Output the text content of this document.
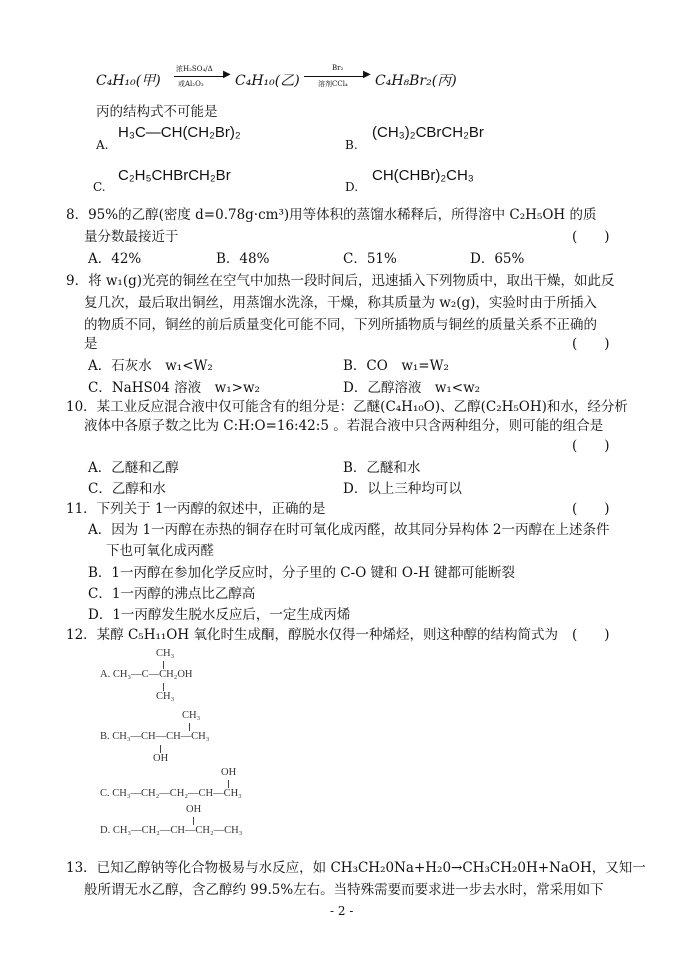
C₄H₁₀(甲)
浓H₂SO₄/Δ ▶
或Al₂O₃ C₄H₁₀(乙)
Br₂
▶
溶剂CCl₄ C₄H₈Br₂(丙)
丙的结构式不可能是
A.
H₃C—CH(CH₂Br)₂
B.
(CH₃)₂CBrCH₂Br
C.
C₂H₅CHBrCH₂Br
D.
CH(CHBr)₂CH₃
8．95%的乙醇(密度 d=0.78g·cm³)用等体积的蒸馏水稀释后，所得溶中 C₂H₅OH 的质
量分数最接近于	(　　)
A．42%	B．48%	C．51%	D．65%
9．将 w₁(g)光亮的铜丝在空气中加热一段时间后，迅速插入下列物质中，取出干燥，如此反
复几次，最后取出铜丝，用蒸馏水洗涤，干燥，称其质量为 w₂(g)，实验时由于所插入
的物质不同，铜丝的前后质量变化可能不同，下列所插物质与铜丝的质量关系不正确的
是	(　　)
A．石灰水　w₁<W₂	B．CO　w₁=W₂
C．NaHS04 溶液　w₁>w₂	D．乙醇溶液　w₁<w₂
10．某工业反应混合液中仅可能含有的组分是：乙醚(C₄H₁₀O)、乙醇(C₂H₅OH)和水，经分析
液体中各原子数之比为 C:H:O=16:42:5 。若混合液中只含两种组分，则可能的组合是
(　　)
A．乙醚和乙醇	B．乙醚和水
C．乙醇和水	D．以上三种均可以
11．下列关于 1一丙醇的叙述中，正确的是	(　　)
A．因为 1一丙醇在赤热的铜存在时可氧化成丙醛，故其同分异构体 2一丙醇在上述条件
下也可氧化成丙醛
B．1一丙醇在参加化学反应时，分子里的 C-O 键和 O-H 键都可能断裂
C．1一丙醇的沸点比乙醇高
D．1一丙醇发生脱水反应后，一定生成丙烯
12．某醇 C₅H₁₁OH 氧化时生成酮，醇脱水仅得一种烯烃，则这种醇的结构简式为 (　　)
CH₃
A. CH₃—C—CH₂OH
CH₃
CH₃
B. CH₃—CH—CH—CH₃
OH
OH
C. CH₃—CH₂—CH₂—CH—CH₃
OH
D. CH₃—CH₂—CH—CH₂—CH₃
13．已知乙醇钠等化合物极易与水反应，如 CH₃CH₂0Na+H₂0→CH₃CH₂0H+NaOH，又知一
般所谓无水乙醇，含乙醇约 99.5%左右。当特殊需要而要求进一步去水时，常采用如下
- 2 -
